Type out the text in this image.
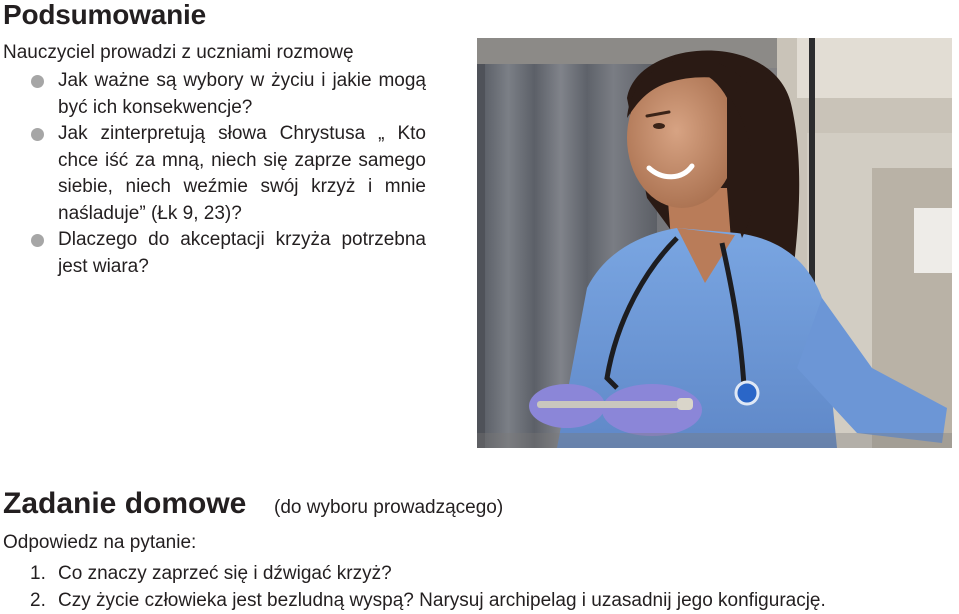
Podsumowanie
Nauczyciel prowadzi z uczniami rozmowę
Jak ważne są wybory w życiu i jakie mogą być ich konsekwencje?
Jak zinterpretują słowa Chrystusa „ Kto chce iść za mną, niech się zaprze samego siebie, niech weźmie swój krzyż i mnie naśladuje” (Łk 9, 23)?
Dlaczego do akceptacji krzyża potrzebna jest wiara?
Zadanie domowe (do wyboru prowadzącego)
Odpowiedz na pytanie:
1. Co znaczy zaprzeć się i dźwigać krzyż?
2. Czy życie człowieka jest bezludną wyspą? Narysuj archipelag i uzasadnij jego konfigurację.
